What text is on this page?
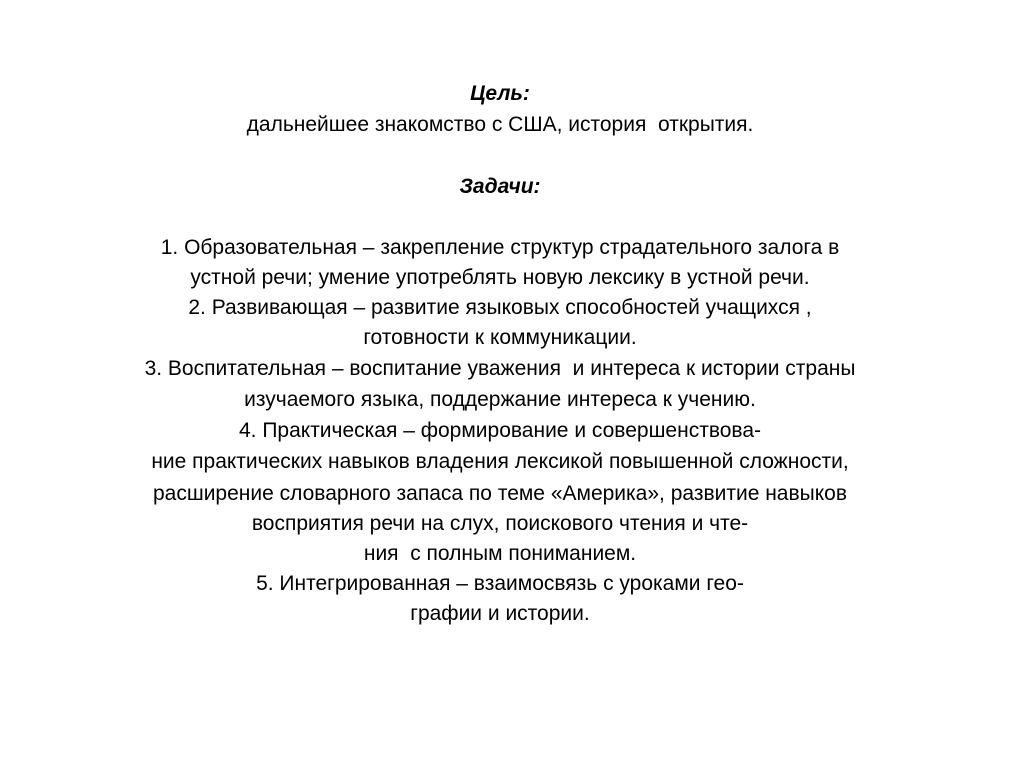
Цель:
дальнейшее знакомство с США, история  открытия.
Задачи:
1. Образовательная – закрепление структур страдательного залога в
устной речи; умение употреблять новую лексику в устной речи.
2. Развивающая – развитие языковых способностей учащихся ,
готовности к коммуникации.
3. Воспитательная – воспитание уважения  и интереса к истории страны
изучаемого языка, поддержание интереса к учению.
4. Практическая – формирование и совершенствова-
ние практических навыков владения лексикой повышенной сложности,
расширение словарного запаса по теме «Америка», развитие навыков
восприятия речи на слух, поискового чтения и чте-
ния  с полным пониманием.
5. Интегрированная – взаимосвязь с уроками гео-
графии и истории.
